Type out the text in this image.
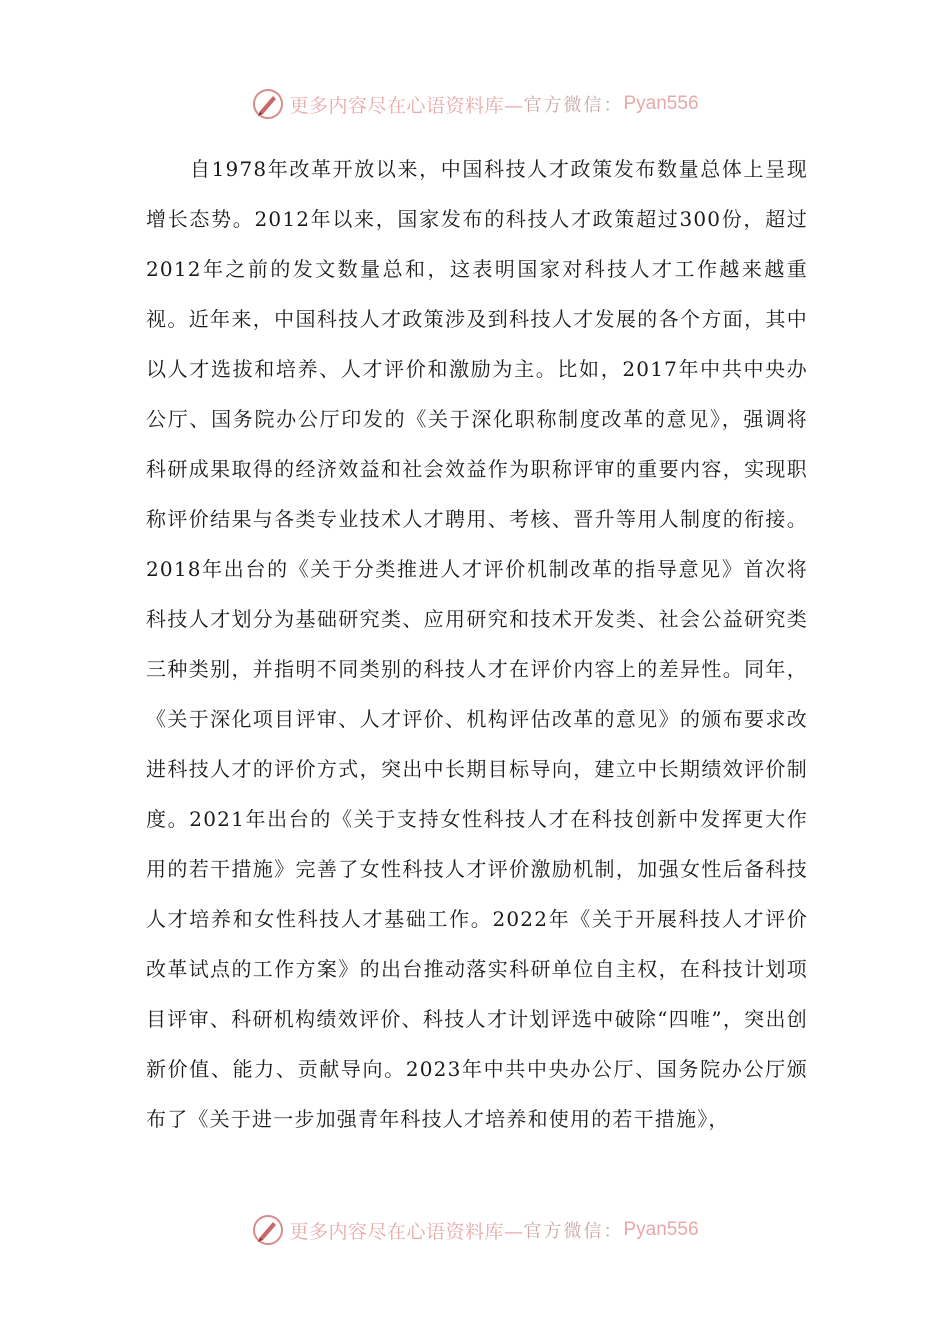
更多内容尽在心语资料库— 官方微信： Pyan556

自1978年改革开放以来，中国科技人才政策发布数量总体上呈现增长态势。2012年以来，国家发布的科技人才政策超过300份，超过2012年之前的发文数量总和，这表明国家对科技人才工作越来越重视。近年来，中国科技人才政策涉及到科技人才发展的各个方面，其中以人才选拔和培养、人才评价和激励为主。比如，2017年中共中央办公厅、国务院办公厅印发的《关于深化职称制度改革的意见》，强调将科研成果取得的经济效益和社会效益作为职称评审的重要内容，实现职称评价结果与各类专业技术人才聘用、考核、晋升等用人制度的衔接。2018年出台的《关于分类推进人才评价机制改革的指导意见》首次将科技人才划分为基础研究类、应用研究和技术开发类、社会公益研究类三种类别，并指明不同类别的科技人才在评价内容上的差异性。同年，《关于深化项目评审、人才评价、机构评估改革的意见》的颁布要求改进科技人才的评价方式，突出中长期目标导向，建立中长期绩效评价制度。2021年出台的《关于支持女性科技人才在科技创新中发挥更大作用的若干措施》完善了女性科技人才评价激励机制，加强女性后备科技人才培养和女性科技人才基础工作。2022年《关于开展科技人才评价改革试点的工作方案》的出台推动落实科研单位自主权，在科技计划项目评审、科研机构绩效评价、科技人才计划评选中破除“四唯”，突出创新价值、能力、贡献导向。2023年中共中央办公厅、国务院办公厅颁布了《关于进一步加强青年科技人才培养和使用的若干措施》，

更多内容尽在心语资料库— 官方微信： Pyan556
